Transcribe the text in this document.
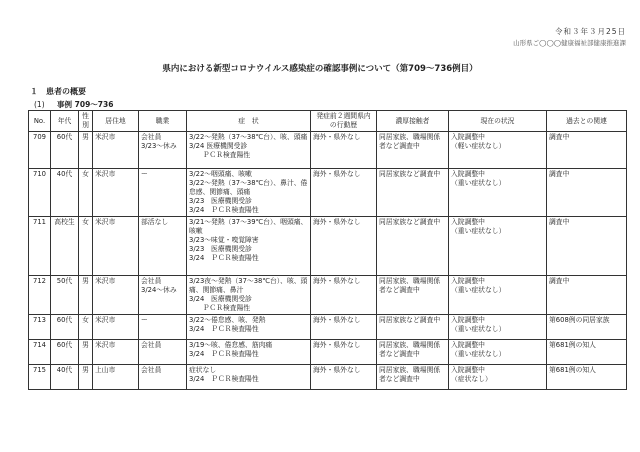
令和３年３月25日
山形県ご◯◯◯健康福祉部健康推進課
県内における新型コロナウイルス感染症の確認事例について（第709～736例目）
１　患者の概要
(1) 事例 709～736
No.	年代	性別	居住地	職業	症　状	発症前２週間県内の行動歴	濃厚接触者	現在の状況	過去との関連
709	60代	男	米沢市	会社員
3/23～休み	3/22～発熱（37～38℃台）、咳、頭痛
3/24 医療機関受診
　　ＰＣＲ検査陽性	海外・県外なし	同居家族、職場関係者など調査中	入院調整中
（軽い症状なし）	調査中
710	40代	女	米沢市	ー	3/22～咽頭痛、咳嗽
3/22～発熱（37～38℃台）、鼻汁、倦怠感、関節痛、頭痛
3/23　医療機関受診
3/24　ＰＣＲ検査陽性	海外・県外なし	同居家族など調査中	入院調整中
（重い症状なし）	調査中
711	高校生	女	米沢市	部活なし	3/21～発熱（37～39℃台）、咽頭痛、咳嗽
3/23～味覚・嗅覚障害
3/23　医療機関受診
3/24　ＰＣＲ検査陽性	海外・県外なし	同居家族など調査中	入院調整中
（重い症状なし）	調査中
712	50代	男	米沢市	会社員
3/24～休み	3/23夜～発熱（37～38℃台）、咳、頭痛、関節痛、鼻汁
3/24　医療機関受診
　　ＰＣＲ検査陽性	海外・県外なし	同居家族、職場関係者など調査中	入院調整中
（重い症状なし）	調査中
713	60代	女	米沢市	ー	3/22～倦怠感、咳、発熱
3/24　ＰＣＲ検査陽性	海外・県外なし	同居家族など調査中	入院調整中
（重い症状なし）	第608例の同居家族
714	60代	男	米沢市	会社員	3/19～咳、倦怠感、筋肉痛
3/24　ＰＣＲ検査陽性	海外・県外なし	同居家族、職場関係者など調査中	入院調整中
（重い症状なし）	第681例の知人
715	40代	男	上山市	会社員	症状なし
3/24　ＰＣＲ検査陽性	海外・県外なし	同居家族、職場関係者など調査中	入院調整中
（症状なし）	第681例の知人
